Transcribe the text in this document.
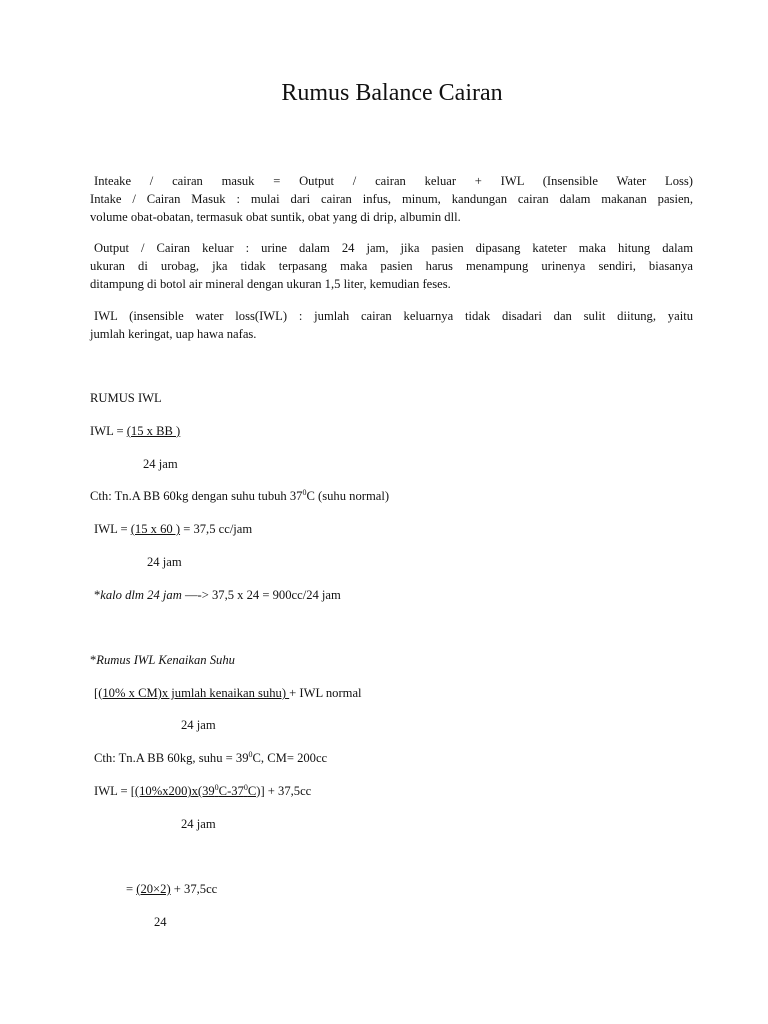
Rumus Balance Cairan
Inteake / cairan masuk = Output / cairan keluar + IWL (Insensible Water Loss)
Intake / Cairan Masuk : mulai dari cairan infus, minum, kandungan cairan dalam makanan pasien,
volume obat-obatan, termasuk obat suntik, obat yang di drip, albumin dll.
Output / Cairan keluar : urine dalam 24 jam, jika pasien dipasang kateter maka hitung dalam
ukuran di urobag, jka tidak terpasang maka pasien harus menampung urinenya sendiri, biasanya
ditampung di botol air mineral dengan ukuran 1,5 liter, kemudian feses.
IWL (insensible water loss(IWL) : jumlah cairan keluarnya tidak disadari dan sulit diitung, yaitu
jumlah keringat, uap hawa nafas.
RUMUS IWL
IWL = (15 x BB )
24 jam
Cth: Tn.A BB 60kg dengan suhu tubuh $37^0C$ (suhu normal)
IWL = (15 x 60 ) = 37,5 cc/jam
24 jam
*kalo dlm 24 jam —-> 37,5 x 24 = 900cc/24 jam
*Rumus IWL Kenaikan Suhu
[(10% x CM)x jumlah kenaikan suhu) + IWL normal
24 jam
Cth: Tn.A BB 60kg, suhu = $39^0C$, CM= 200cc
IWL = $[(10\%x200)x(39^0C-37^0C)] + 37,5cc$
24 jam
= (20×2) + 37,5cc
24
